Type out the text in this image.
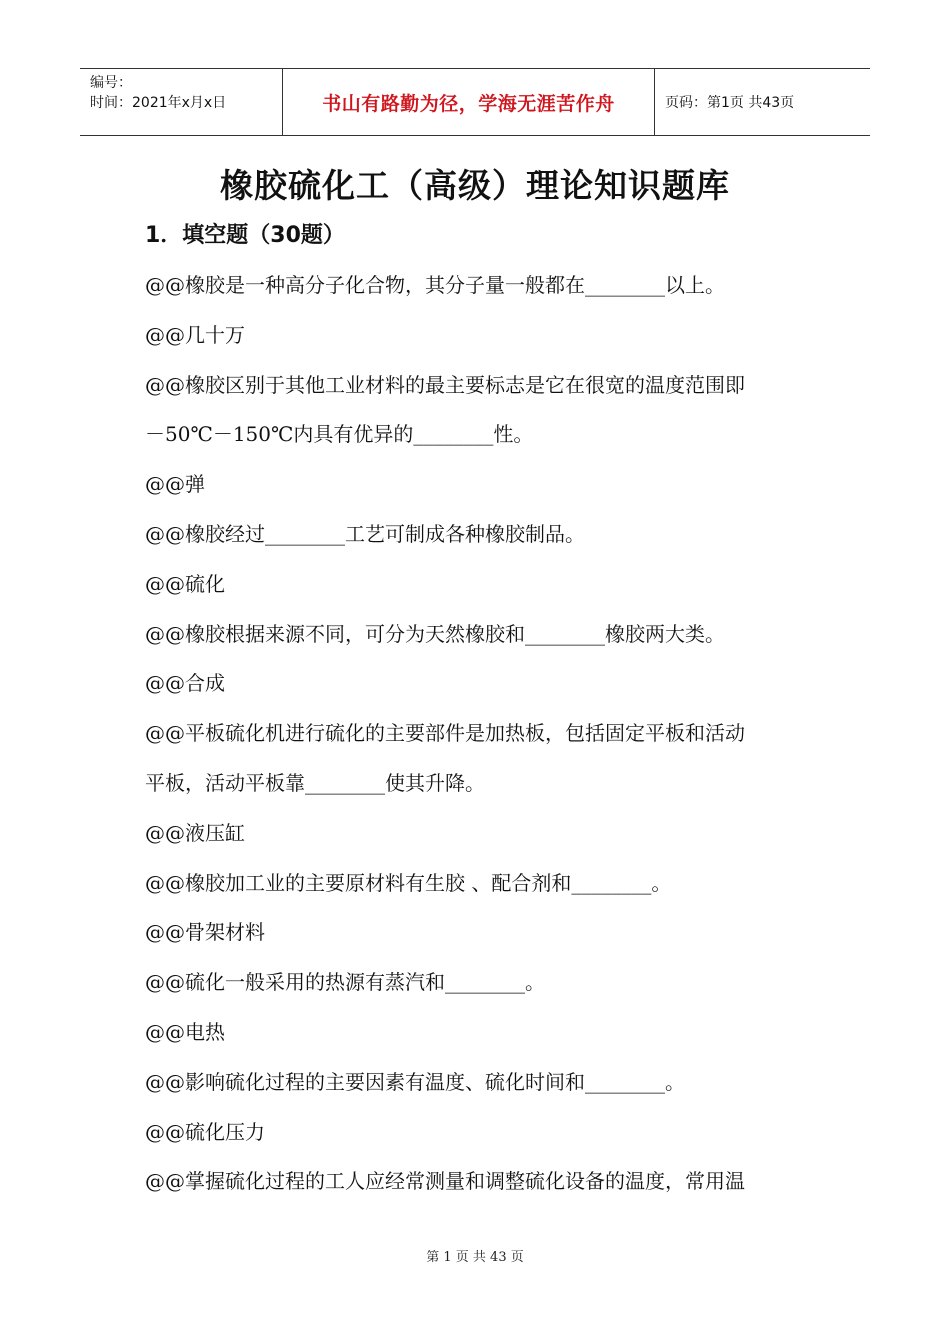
编号：
时间：2021年x月x日	书山有路勤为径，学海无涯苦作舟	页码：第1页 共43页
橡胶硫化工（高级）理论知识题库
1．填空题（30题）
@@橡胶是一种高分子化合物，其分子量一般都在________以上。
@@几十万
@@橡胶区别于其他工业材料的最主要标志是它在很宽的温度范围即
－50℃－150℃内具有优异的________性。
@@弹
@@橡胶经过________工艺可制成各种橡胶制品。
@@硫化
@@橡胶根据来源不同，可分为天然橡胶和________橡胶两大类。
@@合成
@@平板硫化机进行硫化的主要部件是加热板，包括固定平板和活动
平板，活动平板靠________使其升降。
@@液压缸
@@橡胶加工业的主要原材料有生胶 、配合剂和________。
@@骨架材料
@@硫化一般采用的热源有蒸汽和________。
@@电热
@@影响硫化过程的主要因素有温度、硫化时间和________。
@@硫化压力
@@掌握硫化过程的工人应经常测量和调整硫化设备的温度，常用温
第 1 页 共 43 页
